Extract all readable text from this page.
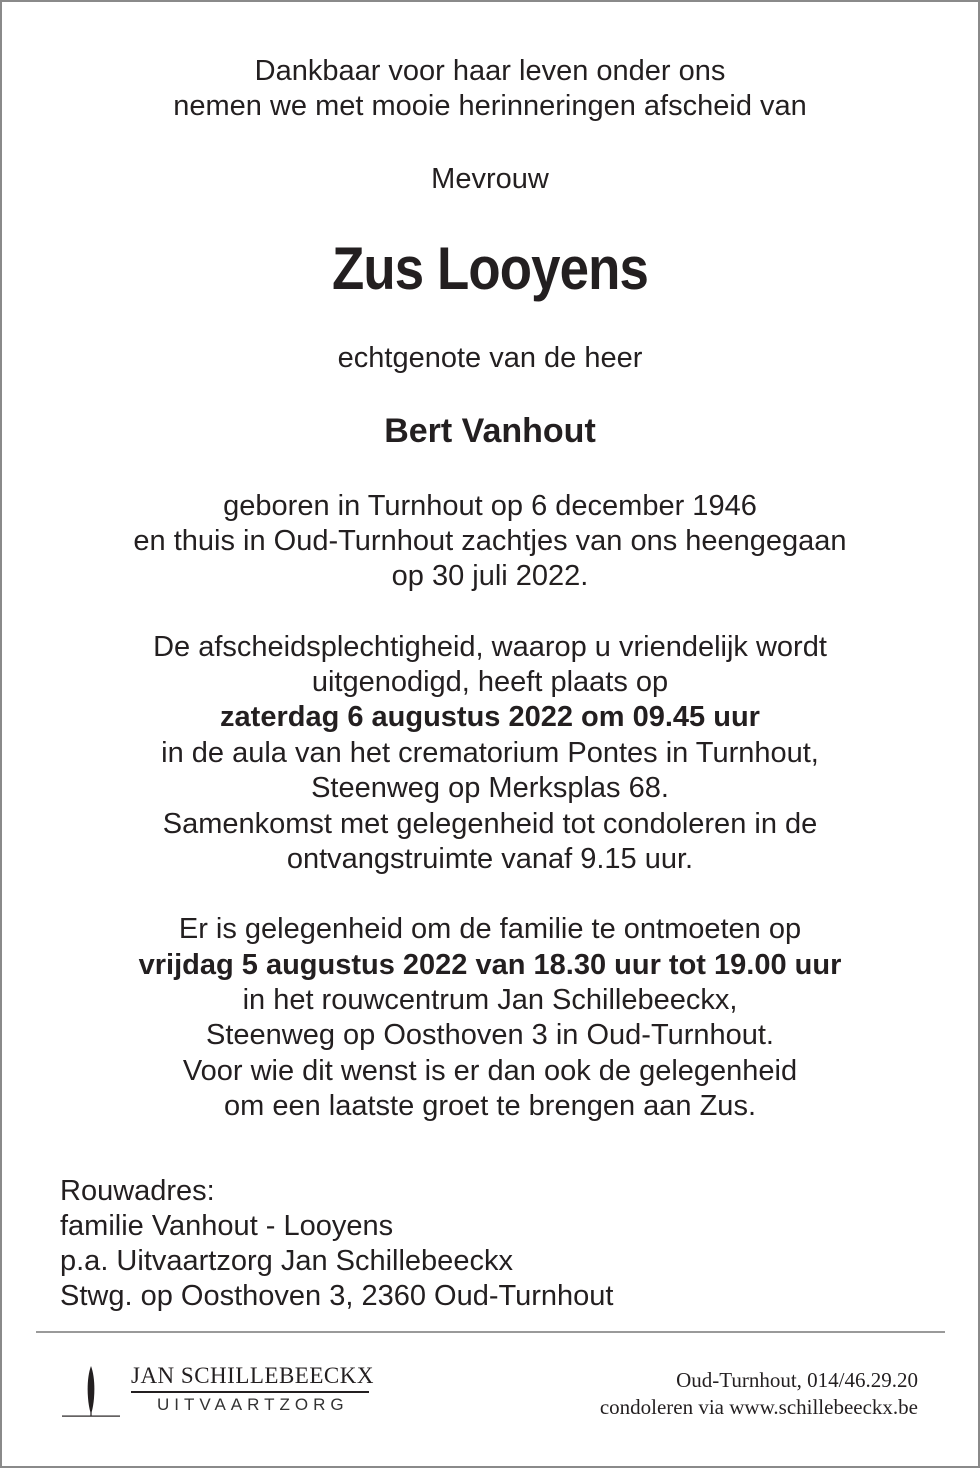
Dankbaar voor haar leven onder ons
nemen we met mooie herinneringen afscheid van
Mevrouw
Zus Looyens
echtgenote van de heer
Bert Vanhout
geboren in Turnhout op 6 december 1946
en thuis in Oud-Turnhout zachtjes van ons heengegaan
op 30 juli 2022.
De afscheidsplechtigheid, waarop u vriendelijk wordt
uitgenodigd, heeft plaats op
zaterdag 6 augustus 2022 om 09.45 uur
in de aula van het crematorium Pontes in Turnhout,
Steenweg op Merksplas 68.
Samenkomst met gelegenheid tot condoleren in de
ontvangstruimte vanaf 9.15 uur.
Er is gelegenheid om de familie te ontmoeten op
vrijdag 5 augustus 2022 van 18.30 uur tot 19.00 uur
in het rouwcentrum Jan Schillebeeckx,
Steenweg op Oosthoven 3 in Oud-Turnhout.
Voor wie dit wenst is er dan ook de gelegenheid
om een laatste groet te brengen aan Zus.
Rouwadres:
familie Vanhout - Looyens
p.a. Uitvaartzorg Jan Schillebeeckx
Stwg. op Oosthoven 3, 2360 Oud-Turnhout
JAN SCHILLEBEECKX
UITVAARTZORG
Oud-Turnhout, 014/46.29.20
condoleren via www.schillebeeckx.be
